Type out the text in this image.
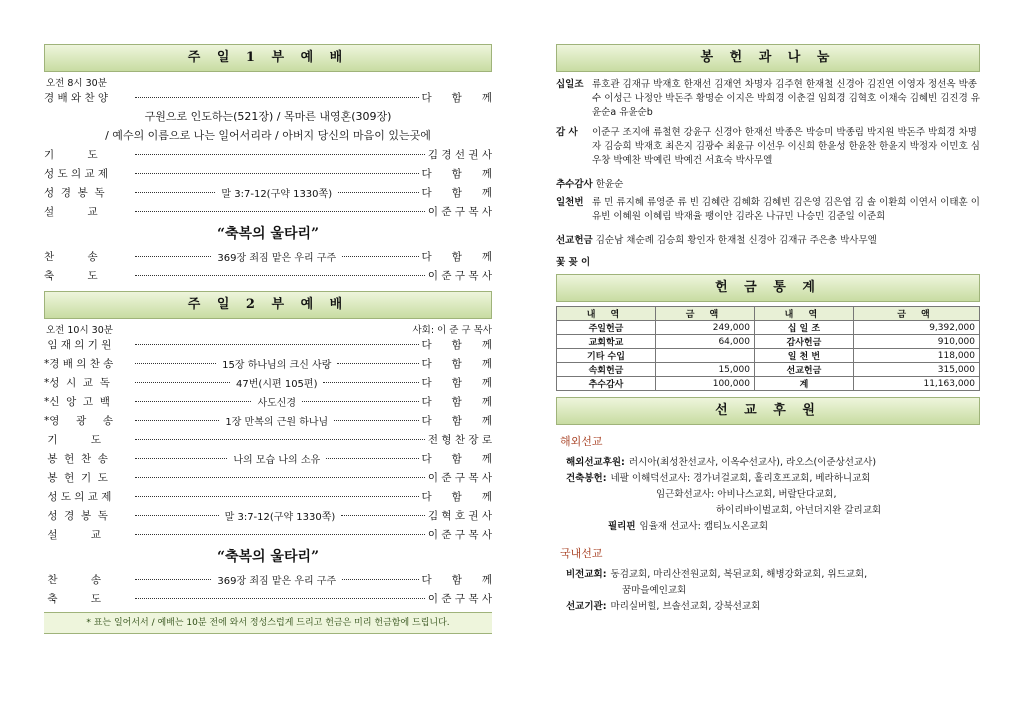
주 일 1 부 예 배
오전 8시 30분
경 배 와 찬 양	다      함      께
구원으로 인도하는(521장) / 목마른 내영혼(309장)
/ 예수의 이름으로 나는 일어서리라 / 아버지 당신의 마음이 있는곳에
기          도	김 경 선 권 사
성 도 의 교 제	다      함      께
성  경  봉  독	말 3:7-12(구약 1330쪽)	다      함      께
설          교	이 준 구 목 사
“축복의 울타리”
찬          송	369장 죄짐 맡은 우리 구주	다      함      께
축          도	이 준 구 목 사
주 일 2 부 예 배
오전 10시 30분	사회: 이 준 구 목사
임 재 의 기 원	다      함      께
*경 배 의 찬 송	15장 하나님의 크신 사랑	다      함      께
*성  시  교  독	47번(시편 105편)	다      함      께
*신  앙  고  백	사도신경	다      함      께
*영     광     송	1장 만복의 근원 하나님	다      함      께
기          도	전 형 찬 장 로
봉  헌  찬  송	나의 모습 나의 소유	다      함      께
봉  헌  기  도	이 준 구 목 사
성 도 의 교 제	다      함      께
성  경  봉  독	말 3:7-12(구약 1330쪽)	김 혁 호 권 사
설          교	이 준 구 목 사
“축복의 울타리”
찬          송	369장 죄짐 맡은 우리 구주	다      함      께
축          도	이 준 구 목 사
* 표는 일어서서 / 예배는 10분 전에 와서 정성스럽게 드리고 헌금은 미리 헌금함에 드립니다.
봉 헌 과 나 눔
십일조 류호관 김재규 박재호 한재선 김재연 차명자 김주현 한재철 신경아 김진연 이영자 정선옥 박종수 이성근 나정안 박돈주 황명순 이지은 박희경 이춘걸 임희경 김혁호 이채숙 김혜빈 김진경 유윤순a 유윤순b
감 사	이준구 조지애 류철현 강윤구 신경아 한재선 박종은 박승미 박종림 박지원 박돈주 박희경 차명자 김승희 박재호 최은지 김광수 최윤규 이선우 이신희 한윤성 한윤찬 한윤지 박정자 이민호 심우창 박예찬 박예린 박예건 서효숙 박사무엘
추수감사 한윤순
일천번 류 민 류지혜 류영준 류 빈 김혜란 김혜화 김혜빈 김은영 김은엽 김 솔 이환희 이연서 이태훈 이유빈 이혜원 이혜림 박재율 팽이안 김라온 나규민 나승민 김준일 이준희
선교헌금 김순남 채순례 김승희 황인자 한재철 신경아 김재규 주은총 박사무엘
꽃 꽂 이
헌 금 통 계
내 역	금 액	내 역	금 액
주일헌금	249,000	십 일 조	9,392,000
교회학교	64,000	감사헌금	910,000
기타 수입		일 천 번	118,000
속회헌금	15,000	선교헌금	315,000
추수감사	100,000	계	11,163,000
선 교 후 원
해외선교
해외선교후원: 러시아(최성찬선교사, 이옥수선교사), 라오스(이준상선교사)
건축봉헌: 네팔 이해덕선교사: 경가녀걸교회, 홀리호프교회, 베라하니교회
임근화선교사: 아비나스교회, 버랄단다교회,
하이리바이벌교회, 아넌더지완 갈리교회
필리핀 임율재 선교사: 캠티뇨시온교회
국내선교
비전교회: 동검교회, 마리산전원교회, 복된교회, 해병강화교회, 위드교회,
꿈마을예인교회
선교기관: 마리실버힐, 브솔선교회, 강북선교회
